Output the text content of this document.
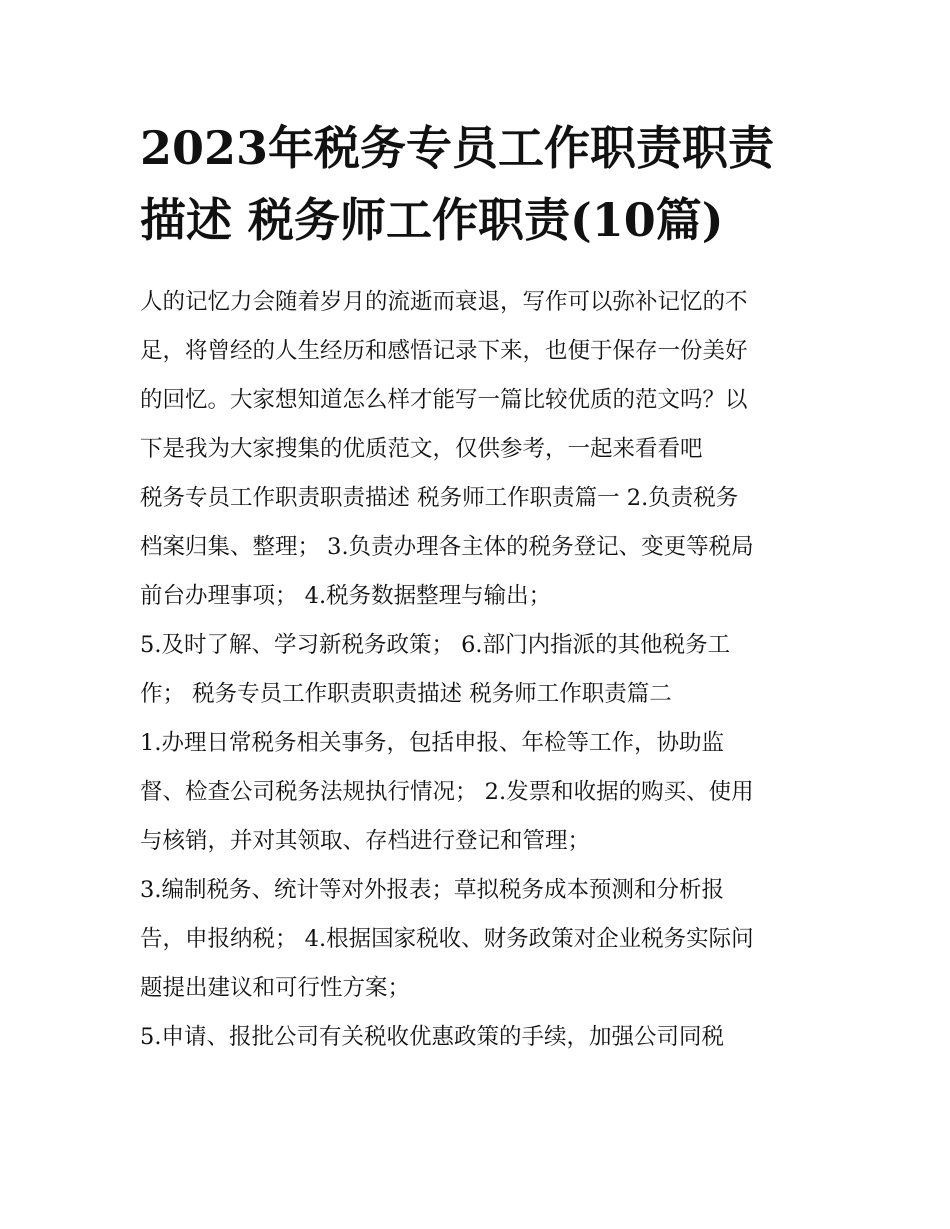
2023年税务专员工作职责职责
描述 税务师工作职责(10篇)
人的记忆力会随着岁月的流逝而衰退，写作可以弥补记忆的不
足，将曾经的人生经历和感悟记录下来，也便于保存一份美好
的回忆。大家想知道怎么样才能写一篇比较优质的范文吗？以
下是我为大家搜集的优质范文，仅供参考，一起来看看吧
税务专员工作职责职责描述 税务师工作职责篇一 2.负责税务
档案归集、整理； 3.负责办理各主体的税务登记、变更等税局
前台办理事项； 4.税务数据整理与输出；
5.及时了解、学习新税务政策； 6.部门内指派的其他税务工
作； 税务专员工作职责职责描述 税务师工作职责篇二
1.办理日常税务相关事务，包括申报、年检等工作，协助监
督、检查公司税务法规执行情况； 2.发票和收据的购买、使用
与核销，并对其领取、存档进行登记和管理；
3.编制税务、统计等对外报表；草拟税务成本预测和分析报
告，申报纳税； 4.根据国家税收、财务政策对企业税务实际问
题提出建议和可行性方案；
5.申请、报批公司有关税收优惠政策的手续，加强公司同税
